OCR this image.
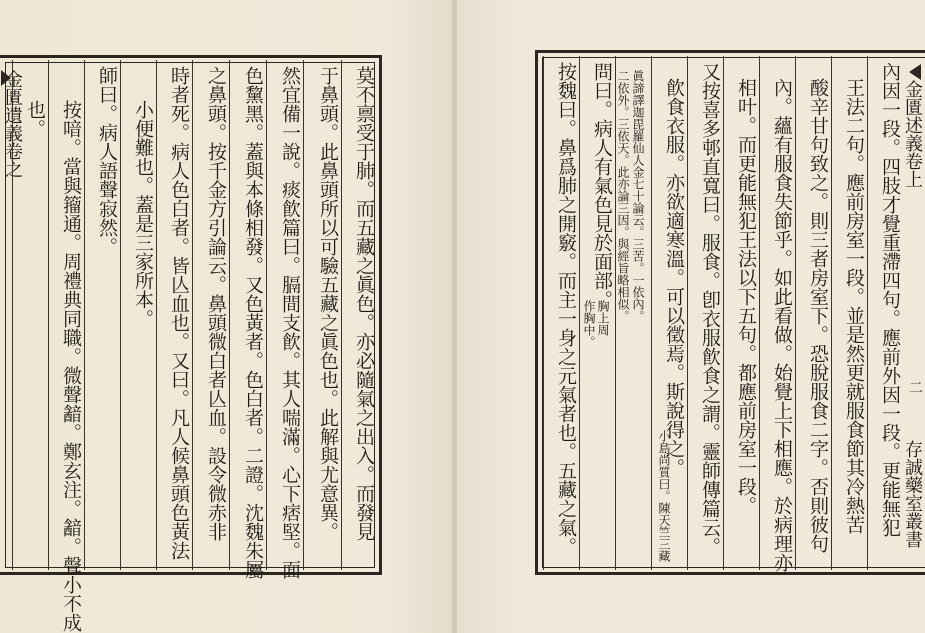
金匱遺義卷之	莫不禀受于肺。而五藏之眞色。亦必隨氣之出入。而發見
于鼻頭。此鼻頭所以可驗五藏之眞色也。此解與尤意異。
然宜備一說。痰飮篇曰。膈間支飮。其人喘滿。心下痞堅。面
色黧黑。蓋與本條相發。又色黃者。色白者。二證。沈魏朱屬
之鼻頭。按千金方引論云。鼻頭微白者亾血。設令微赤非
時者死。病人色白者。皆亾血也。又曰。凡人候鼻頭色黃法
小便難也。蓋是三家所本。
師曰。病人語聲寂然。
按喑。當與籀通。周禮典同職。微聲韽。鄭玄注。韽。聲小不成
也。	金匱述義卷上
二
存誠藥室叢書
內因一段。四肢才覺重滯四句。應前外因一段。更能無犯
王法二句。應前房室一段。並是然更就服食節其冷熱苦
酸辛甘句致之。則三者房室下。恐脫服食二字。否則彼句
內。蘊有服食失節乎。如此看做。始覺上下相應。於病理亦
相叶。而更能無犯王法以下五句。都應前房室一段。
又按喜多邨直寬曰。服食。卽衣服飮食之謂。靈師傳篇云。
飮食衣服。亦欲適寒溫。可以徵焉。斯說得之。
眞諦譯迦毘羅仙人金七十論云。三苦。一依內。
二依外。三依天。此亦論三因。與經旨略相似。
小島尚質曰。陳天竺三藏
問曰。病人有氣色見於面部。
胸上周
作胸中。
按魏曰。鼻爲肺之開竅。而主一身之元氣者也。五藏之氣。
